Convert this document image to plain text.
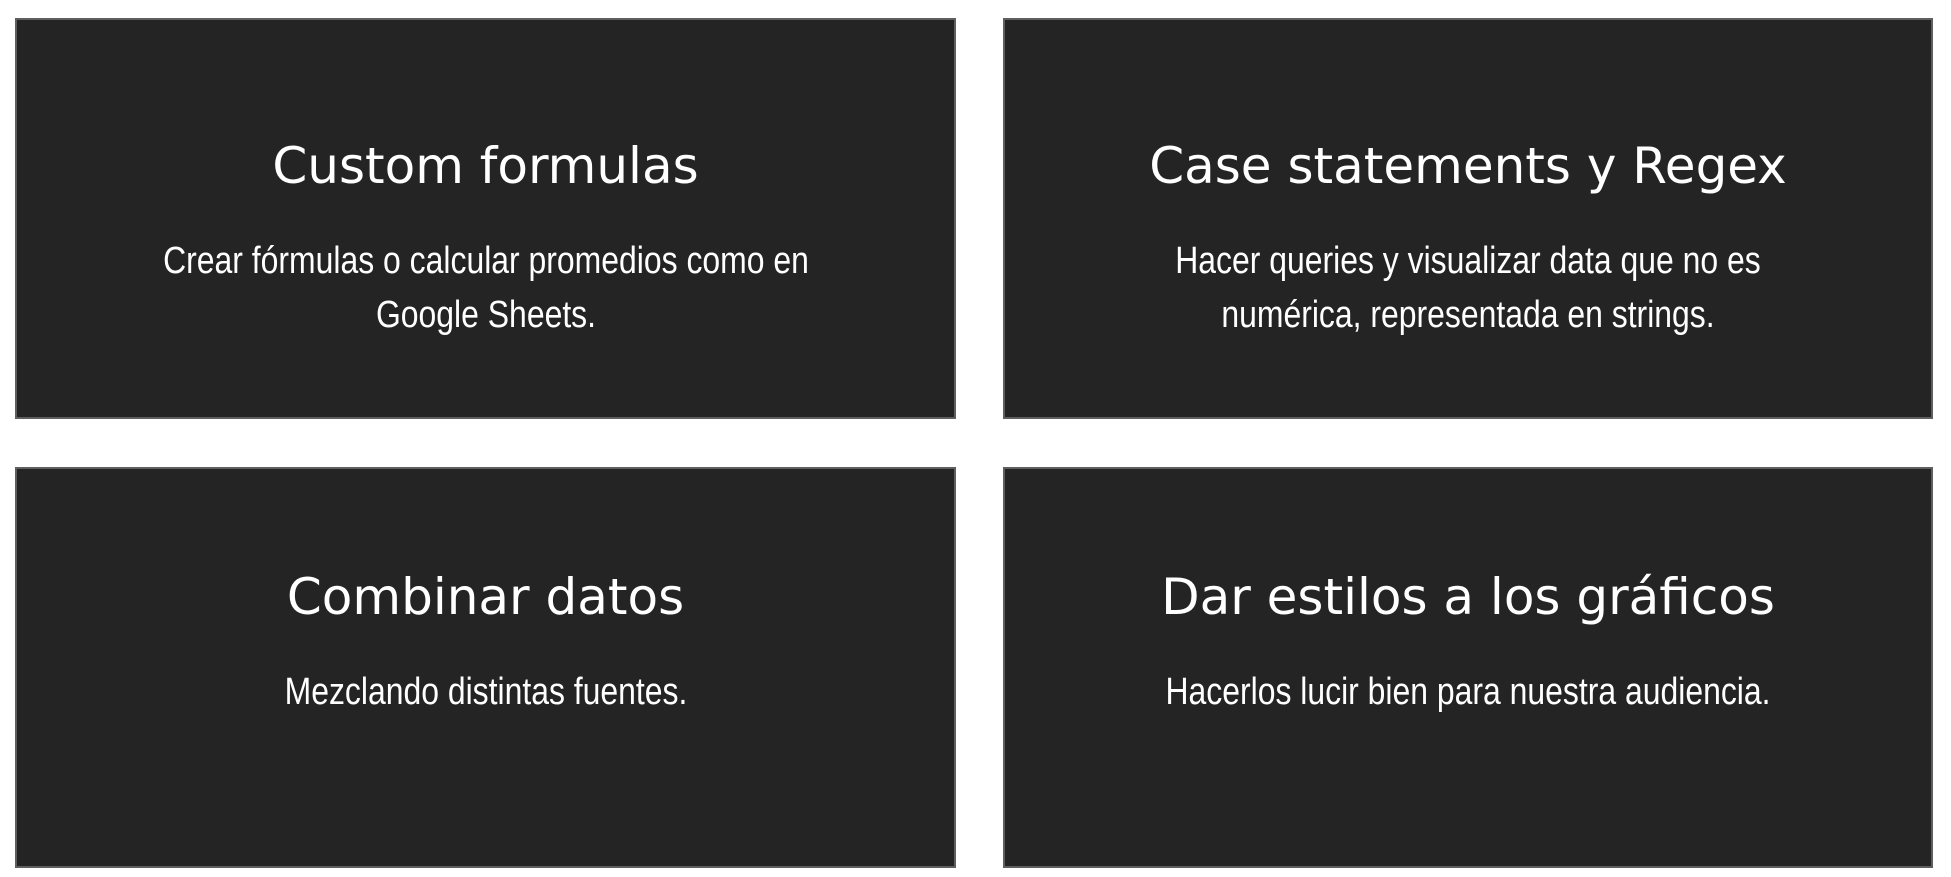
Custom formulas

Crear fórmulas o calcular promedios como en
Google Sheets.

Case statements y Regex

Hacer queries y visualizar data que no es
numérica, representada en strings.

Combinar datos

Mezclando distintas fuentes.

Dar estilos a los gráficos

Hacerlos lucir bien para nuestra audiencia.
